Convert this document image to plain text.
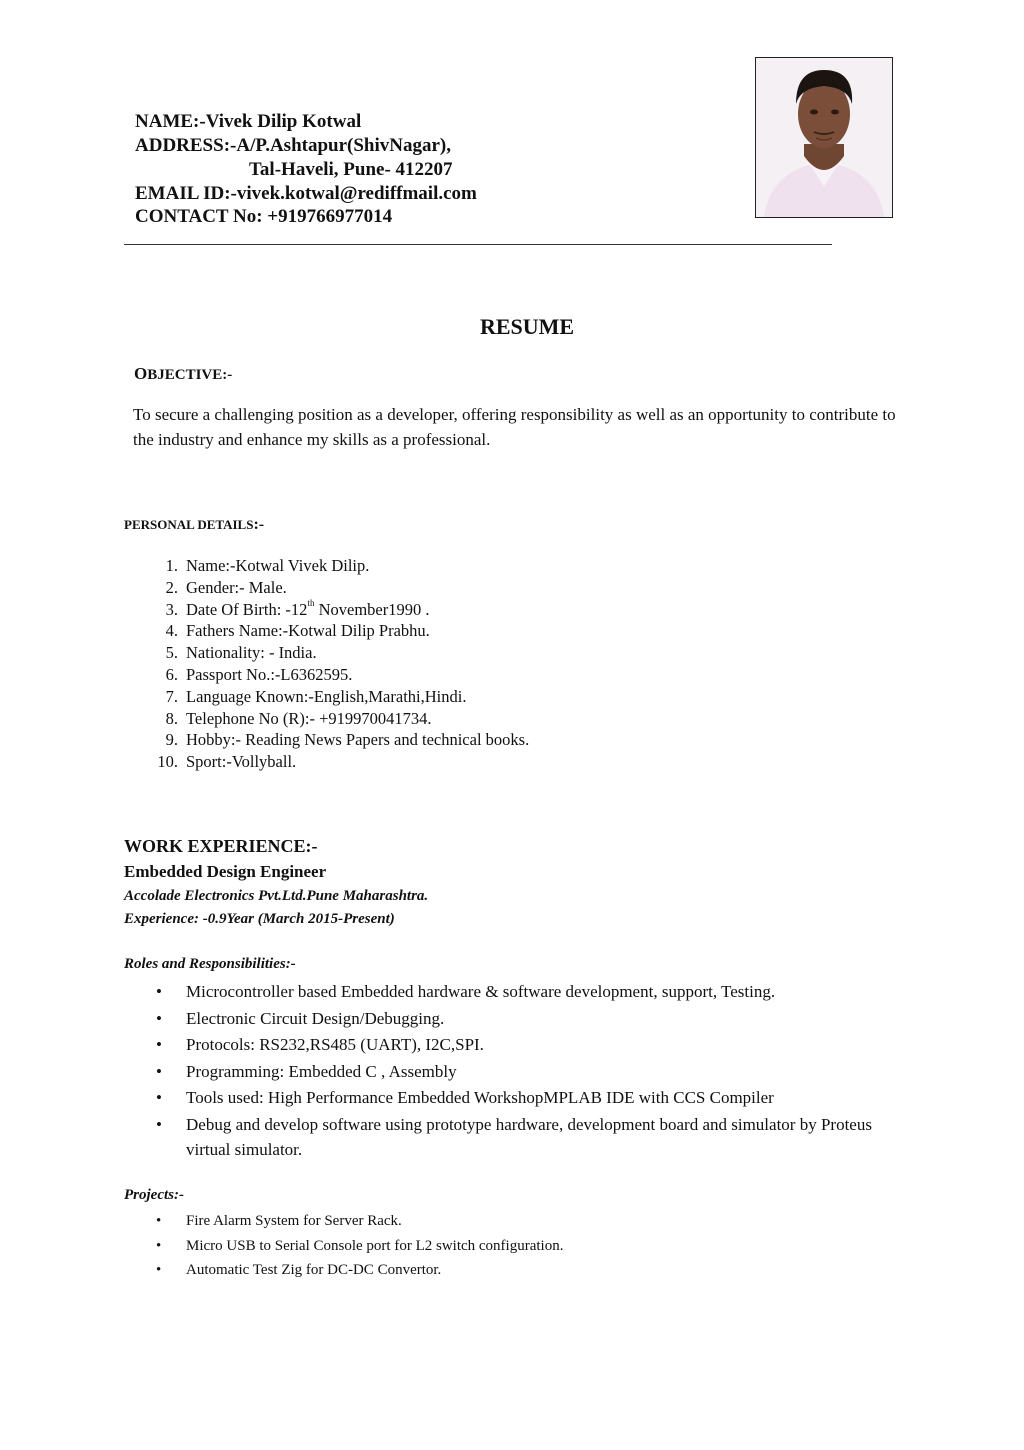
NAME:-Vivek Dilip Kotwal
ADDRESS:-A/P.Ashtapur(ShivNagar),
Tal-Haveli, Pune- 412207
EMAIL ID:-vivek.kotwal@rediffmail.com
CONTACT No: +919766977014
RESUME
OBJECTIVE:-
To secure a challenging position as a developer, offering responsibility as well as an opportunity to contribute to the industry and enhance my skills as a professional.
PERSONAL DETAILS:-
1. Name:-Kotwal Vivek Dilip.
2. Gender:- Male.
3. Date Of Birth: -12th November1990 .
4. Fathers Name:-Kotwal Dilip Prabhu.
5. Nationality: - India.
6. Passport No.:-L6362595.
7. Language Known:-English,Marathi,Hindi.
8. Telephone No (R):- +919970041734.
9. Hobby:- Reading News Papers and technical books.
10. Sport:-Vollyball.
WORK EXPERIENCE:-
Embedded Design Engineer
Accolade Electronics Pvt.Ltd.Pune Maharashtra.
Experience: -0.9Year (March 2015-Present)
Roles and Responsibilities:-
• Microcontroller based Embedded hardware & software development, support, Testing.
• Electronic Circuit Design/Debugging.
• Protocols: RS232,RS485 (UART), I2C,SPI.
• Programming: Embedded C , Assembly
• Tools used: High Performance Embedded WorkshopMPLAB IDE with CCS Compiler
• Debug and develop software using prototype hardware, development board and simulator by Proteus virtual simulator.
Projects:-
• Fire Alarm System for Server Rack.
• Micro USB to Serial Console port for L2 switch configuration.
• Automatic Test Zig for DC-DC Convertor.
